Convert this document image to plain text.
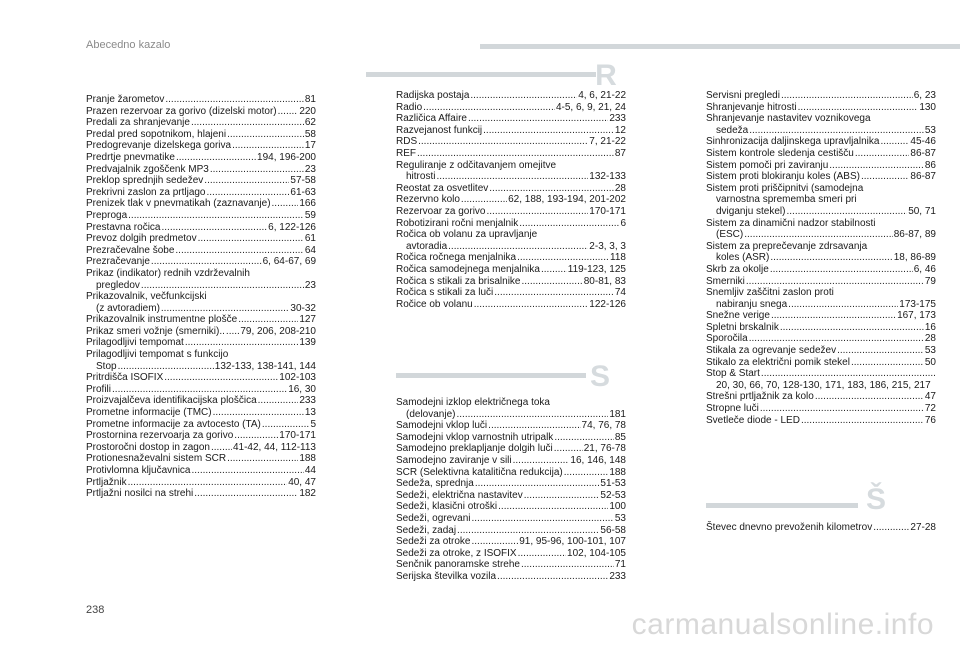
Abecedno kazalo
R
S
Š
Pranje žarometov .....	81
Prazen rezervoar za gorivo (dizelski motor) ..... 220
Predali za shranjevanje .....	62
Predal pred sopotnikom, hlajeni .....	58
Predogrevanje dizelskega goriva .....	17
Predrtje pnevmatike .....	194, 196-200
Predvajalnik zgoščenk MP3 .....	23
Preklop sprednjih sedežev .....	57-58
Prekrivni zaslon za prtljago .....	61-63
Prenizek tlak v pnevmatikah (zaznavanje) .....	166
Preproga .....	59
Prestavna ročica .....	6, 122-126
Prevoz dolgih predmetov .....	61
Prezračevalne šobe .....	64
Prezračevanje .....	6, 64-67, 69
Prikaz (indikator) rednih vzdrževalnih
pregledov .....	23
Prikazovalnik, večfunkcijski
(z avtoradiem) .....	30-32
Prikazovalnik instrumentne plošče .....	127
Prikaz smeri vožnje (smerniki).. ..... 79, 206, 208-210
Prilagodljivi tempomat .....	139
Prilagodljivi tempomat s funkcijo
Stop .....	132-133, 138-141, 144
Pritrdišča ISOFIX .....	102-103
Profili .....	16, 30
Proizvajalčeva identifikacijska ploščica .....	233
Prometne informacije (TMC) .....	13
Prometne informacije za avtocesto (TA) .....	5
Prostornina rezervoarja za gorivo .....	170-171
Prostoročni dostop in zagon ..... 41-42, 44, 112-113
Protionesnaževalni sistem SCR .....	188
Protivlomna ključavnica .....	44
Prtljažnik .....	40, 47
Prtljažni nosilci na strehi .....	182
Radijska postaja .....	4, 6, 21-22
Radio .....	4-5, 6, 9, 21, 24
Različica Affaire .....	233
Razvejanost funkcij .....	12
RDS .....	7, 21-22
REF .....	87
Reguliranje z odčitavanjem omejitve
hitrosti .....	132-133
Reostat za osvetlitev .....	28
Rezervno kolo .....	62, 188, 193-194, 201-202
Rezervoar za gorivo .....	170-171
Robotizirani ročni menjalnik .....	6
Ročica ob volanu za upravljanje
avtoradia .....	2-3, 3, 3
Ročica ročnega menjalnika .....	118
Ročica samodejnega menjalnika .....	119-123, 125
Ročica s stikali za brisalnike .....	80-81, 83
Ročica s stikali za luči .....	74
Ročice ob volanu .....	122-126
Samodejni izklop električnega toka
(delovanje) .....	181
Samodejni vklop luči .....	74, 76, 78
Samodejni vklop varnostnih utripalk .....	85
Samodejno preklapljanje dolgih luči .....	21, 76-78
Samodejno zaviranje v sili .....	16, 146, 148
SCR (Selektivna katalitična redukcija) .....	188
Sedeža, sprednja .....	51-53
Sedeži, električna nastavitev .....	52-53
Sedeži, klasični otroški .....	100
Sedeži, ogrevani .....	53
Sedeži, zadaj .....	56-58
Sedeži za otroke .....	91, 95-96, 100-101, 107
Sedeži za otroke, z ISOFIX .....	102, 104-105
Senčnik panoramske strehe .....	71
Serijska številka vozila .....	233
Servisni pregledi .....	6, 23
Shranjevanje hitrosti .....	130
Shranjevanje nastavitev voznikovega
sedeža .....	53
Sinhronizacija daljinskega upravljalnika .....	45-46
Sistem kontrole sledenja cestišču .....	86-87
Sistem pomoči pri zaviranju .....	86
Sistem proti blokiranju koles (ABS) .....	86-87
Sistem proti priščipnitvi (samodejna
varnostna sprememba smeri pri
dviganju stekel) .....	50, 71
Sistem za dinamični nadzor stabilnosti
(ESC) .....	86-87, 89
Sistem za preprečevanje zdrsavanja
koles (ASR) .....	18, 86-89
Skrb za okolje .....	6, 46
Smerniki .....	79
Snemljiv zaščitni zaslon proti
nabiranju snega .....	173-175
Snežne verige .....	167, 173
Spletni brskalnik .....	16
Sporočila .....	28
Stikala za ogrevanje sedežev .....	53
Stikalo za električni pomik stekel .....	50
Stop & Start
.....
20, 30, 66, 70, 128-130, 171, 183, 186, 215, 217
Strešni prtljažnik za kolo .....	47
Stropne luči .....	72
Svetleče diode - LED .....	76
Števec dnevno prevoženih kilometrov .....	27-28
238	carmanualsonline.info
